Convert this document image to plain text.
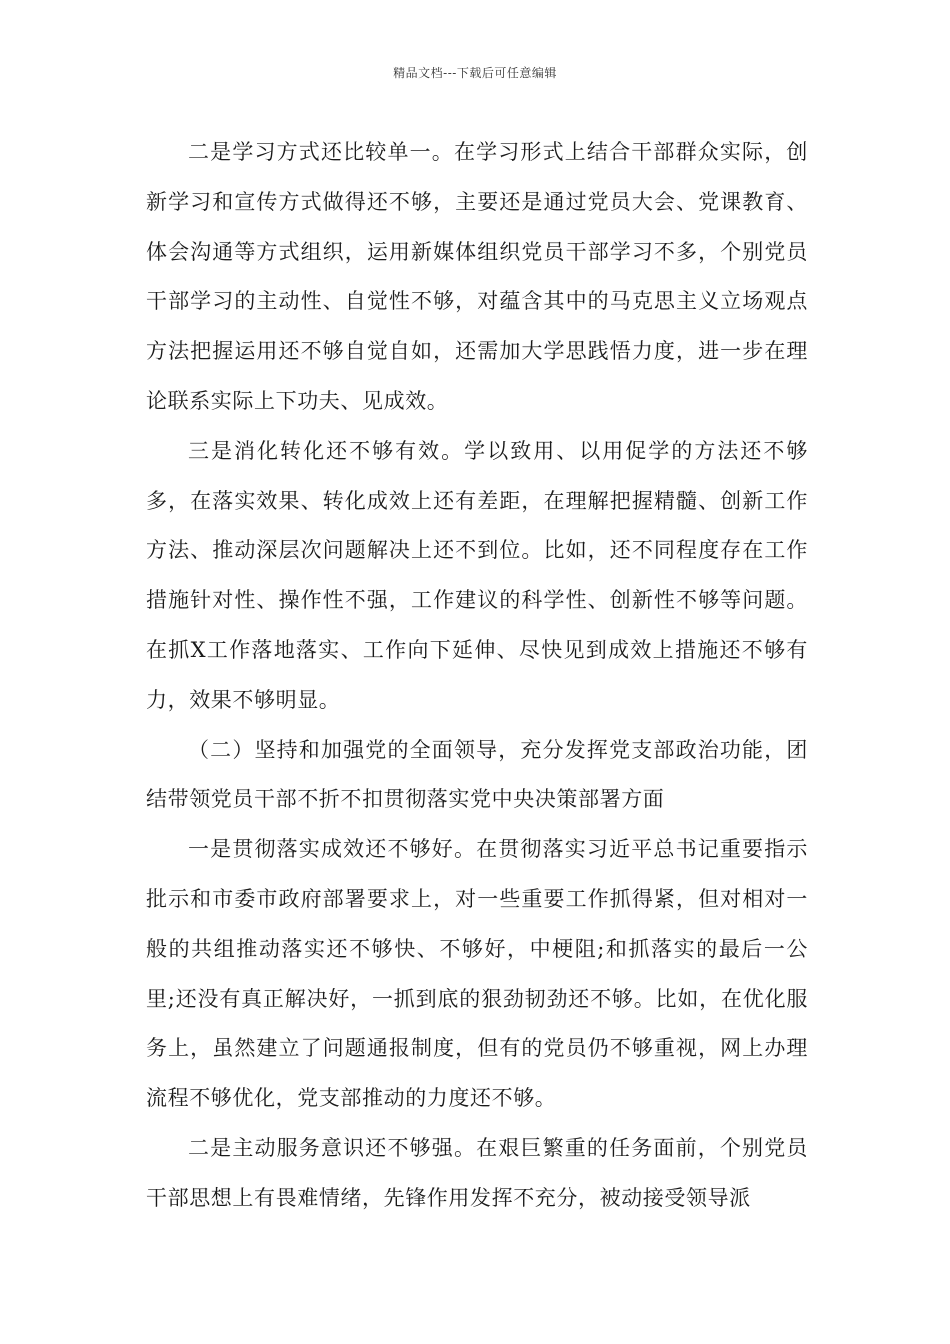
精品文档---下载后可任意编辑

二是学习方式还比较单一。在学习形式上结合干部群众实际，创新学习和宣传方式做得还不够，主要还是通过党员大会、党课教育、体会沟通等方式组织，运用新媒体组织党员干部学习不多，个别党员干部学习的主动性、自觉性不够，对蕴含其中的马克思主义立场观点方法把握运用还不够自觉自如，还需加大学思践悟力度，进一步在理论联系实际上下功夫、见成效。

三是消化转化还不够有效。学以致用、以用促学的方法还不够多，在落实效果、转化成效上还有差距，在理解把握精髓、创新工作方法、推动深层次问题解决上还不到位。比如，还不同程度存在工作措施针对性、操作性不强，工作建议的科学性、创新性不够等问题。在抓X工作落地落实、工作向下延伸、尽快见到成效上措施还不够有力，效果不够明显。

（二）坚持和加强党的全面领导，充分发挥党支部政治功能，团结带领党员干部不折不扣贯彻落实党中央决策部署方面

一是贯彻落实成效还不够好。在贯彻落实习近平总书记重要指示批示和市委市政府部署要求上，对一些重要工作抓得紧，但对相对一般的共组推动落实还不够快、不够好，中梗阻;和抓落实的最后一公里;还没有真正解决好，一抓到底的狠劲韧劲还不够。比如，在优化服务上，虽然建立了问题通报制度，但有的党员仍不够重视，网上办理流程不够优化，党支部推动的力度还不够。

二是主动服务意识还不够强。在艰巨繁重的任务面前，个别党员干部思想上有畏难情绪，先锋作用发挥不充分，被动接受领导派
